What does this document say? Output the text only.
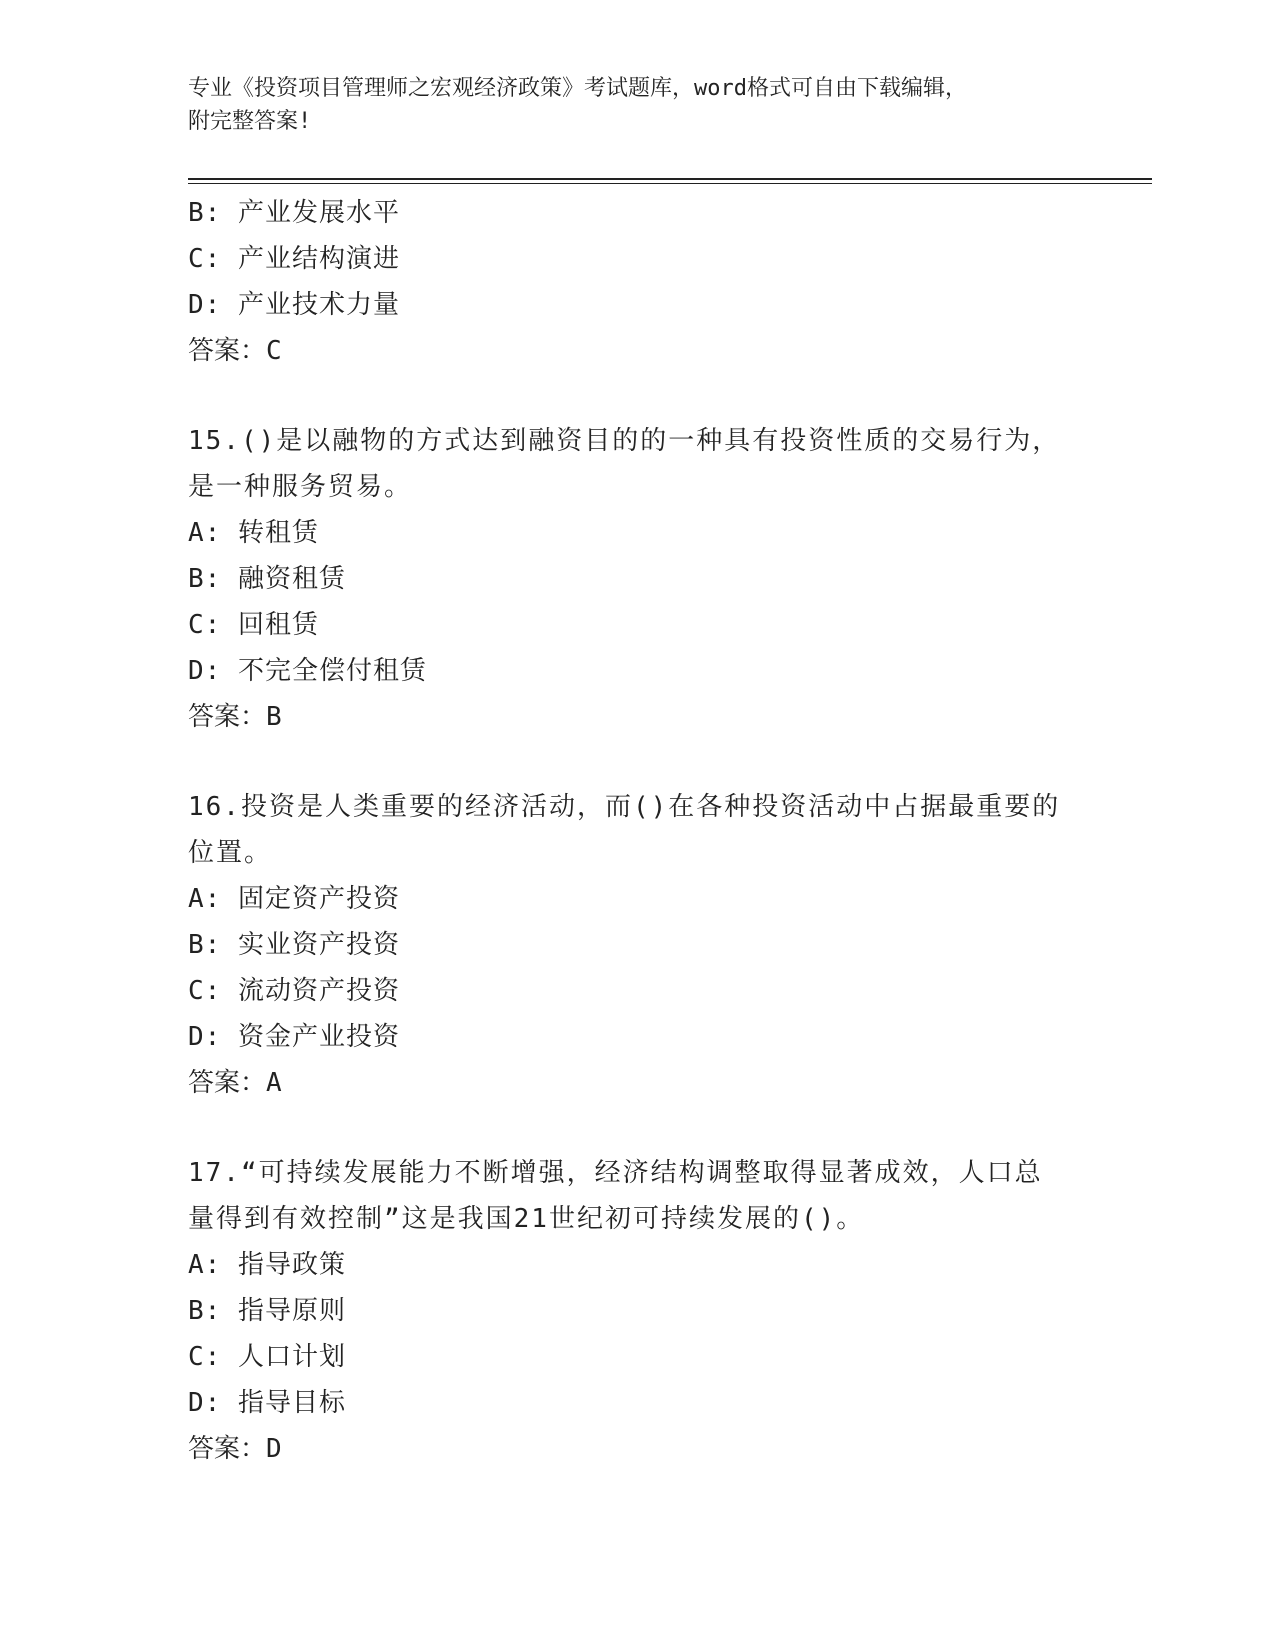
专业《投资项目管理师之宏观经济政策》考试题库，word格式可自由下载编辑，
附完整答案!
B: 产业发展水平
C: 产业结构演进
D: 产业技术力量
答案：C
15.()是以融物的方式达到融资目的的一种具有投资性质的交易行为，
是一种服务贸易。
A: 转租赁
B: 融资租赁
C: 回租赁
D: 不完全偿付租赁
答案：B
16.投资是人类重要的经济活动，而()在各种投资活动中占据最重要的
位置。
A: 固定资产投资
B: 实业资产投资
C: 流动资产投资
D: 资金产业投资
答案：A
17.“可持续发展能力不断增强，经济结构调整取得显著成效，人口总
量得到有效控制”这是我国21世纪初可持续发展的()。
A: 指导政策
B: 指导原则
C: 人口计划
D: 指导目标
答案：D
